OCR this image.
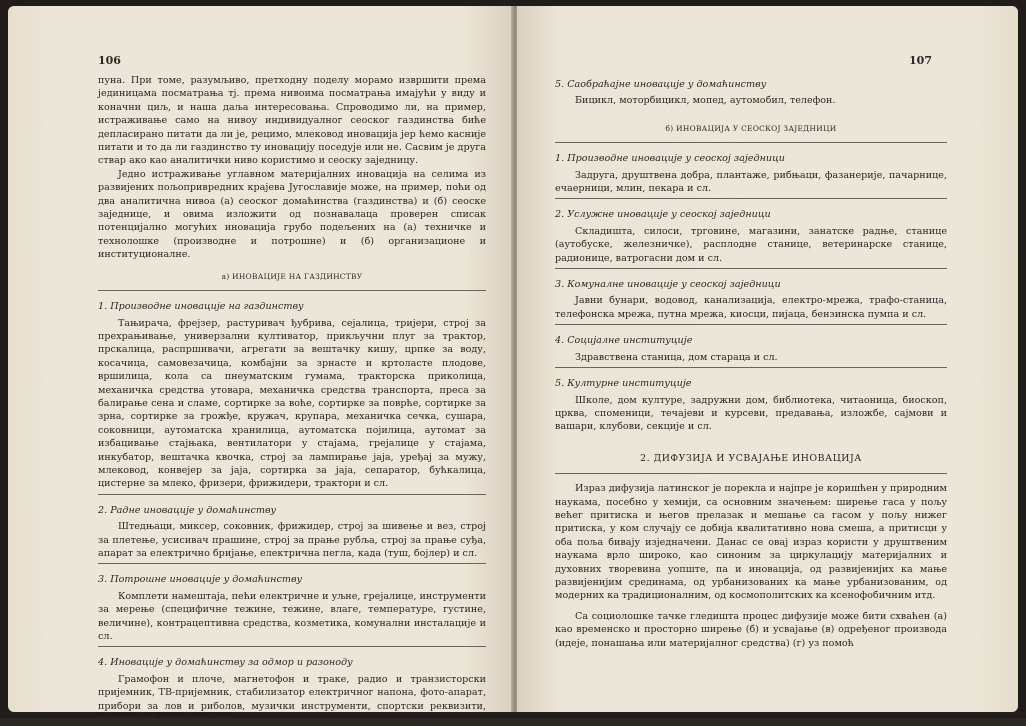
106

пуна. При томе, разумљиво, претходну поделу морамо извршити према јединицама посматрања тј. према нивоима посматрања имајући у виду и коначни циљ, и наша даља интересовања. Спроводимо ли, на пример, истраживање само на нивоу индивидуалног сеоског газдинства биће депласирано питати да ли је, рецимо, млековод иновација јер ћемо касније питати и то да ли газдинство ту иновацију поседује или не. Сасвим је друга ствар ако као аналитички ниво користимо и сеоску заједницу.

Једно истраживање углавном материјалних иновација на селима из развијених пољопривредних крајева Југославије може, на пример, поћи од два аналитична нивоа (а) сеоског домаћинства (газдинства) и (б) сеоске заједнице, и овима изложити од познавалаца проверен списак потенцијално могућих иновација грубо подељених на (а) техничке и технолошке (производне и потрошне) и (б) организационе и институционалне.

а) ИНОВАЦИЈЕ НА ГАЗДИНСТВУ
1. Производне иновације на газдинству

Тањирача, фрејзер, растуривач ђубрива, сејалица, тријери, строј за прехрањивање, универзални култиватор, прикључни плуг за трактор, прскалица, распршивачи, агрегати за вештачку кишу, црпке за воду, косачица, самовезачица, комбајни за зрнасте и кртоласте плодове, вршилица, кола са пнеуматским гумама, тракторска приколица, механичка средства утовара, механичка средства транспорта, преса за балирање сена и сламе, сортирке за воће, сортирке за поврће, сортирке за зрна, сортирке за грожђе, кружач, крупара, механичка сечка, сушара, соковници, аутоматска хранилица, аутоматска појилица, аутомат за избацивање стајњака, вентилатори у стајама, грејалице у стајама, инкубатор, вештачка квочка, строј за лампирање јаја, уређај за мужу, млековод, конвејер за јаја, сортирка за јаја, сепаратор, бућкалица, цистерне за млеко, фризери, фрижидери, трактори и сл.

2. Радне иновације у домаћинству

Штедњаци, миксер, соковник, фрижидер, строј за шивење и вез, строј за плетење, усисивач прашине, строј за прање рубља, строј за прање суђа, апарат за електрично бријање, електрична пегла, када (туш, бојлер) и сл.

3. Потрошне иновације у домаћинству

Комплети намештаја, пећи електричне и уљне, грејалице, инструменти за мерење (специфичне тежине, тежине, влаге, температуре, густине, величине), контрацептивна средства, козметика, комунални инсталације и сл.

4. Иновације у домаћинству за одмор и разоноду

Грамофон и плоче, магнетофон и траке, радио и транзисторски пријемник, ТВ-пријемник, стабилизатор електричног напона, фото-апарат, прибори за лов и риболов, музички инструменти, спортски реквизити, приручна библиотека и сл.

107
5. Саобраћајне иновације у домаћинству

Бицикл, моторбицикл, мопед, аутомобил, телефон.

б) ИНОВАЦИЈА У СЕОСКОЈ ЗАЈЕДНИЦИ
1. Производне иновације у сеоској заједници

Задруга, друштвена добра, плантаже, рибњаци, фазанерије, пачарнице, ечаерници, млин, пекара и сл.

2. Услужне иновације у сеоској заједници

Складишта, силоси, трговине, магазини, занатске радње, станице (аутобуске, железничке), расплодне станице, ветеринарске станице, радионице, ватрогасни дом и сл.

3. Комуналне иновације у сеоској заједници

Јавни бунари, водовод, канализација, електро-мрежа, трафо-станица, телефонска мрежа, путна мрежа, киосци, пијаца, бензинска пумпа и сл.

4. Социјалне институције

Здравствена станица, дом стараца и сл.

5. Културне институције

Школе, дом културе, задружни дом, библиотека, читаоница, биоскоп, црква, споменици, течајеви и курсеви, предавања, изложбе, сајмови и вашари, клубови, секције и сл.

2. ДИФУЗИЈА И УСВАЈАЊЕ ИНОВАЦИЈА

Израз дифузија латинског је порекла и најпре је коришћен у природним наукама, посебно у хемији, са основним значењем: ширење гаса у пољу већег притиска и његов прелазак и мешање са гасом у пољу нижег притиска, у ком случају се добија квалитативно нова смеша, а притисци у оба поља бивају изједначени. Данас се овај израз користи у друштвеним наукама врло широко, као синоним за циркулацију материјалних и духовних творевина уопште, па и иновација, од развијенијих ка мање развијенијим срединама, од урбанизованих ка мање урбанизованим, од модерних ка традиционалним, од космополитских ка ксенофобичним итд.

Са социолошке тачке гледишта процес дифузије може бити схваћен (а) као временско и просторно ширење (б) и усвајање (в) одређеног производа (идеје, понашања или материјалног средства) (г) уз помоћ
